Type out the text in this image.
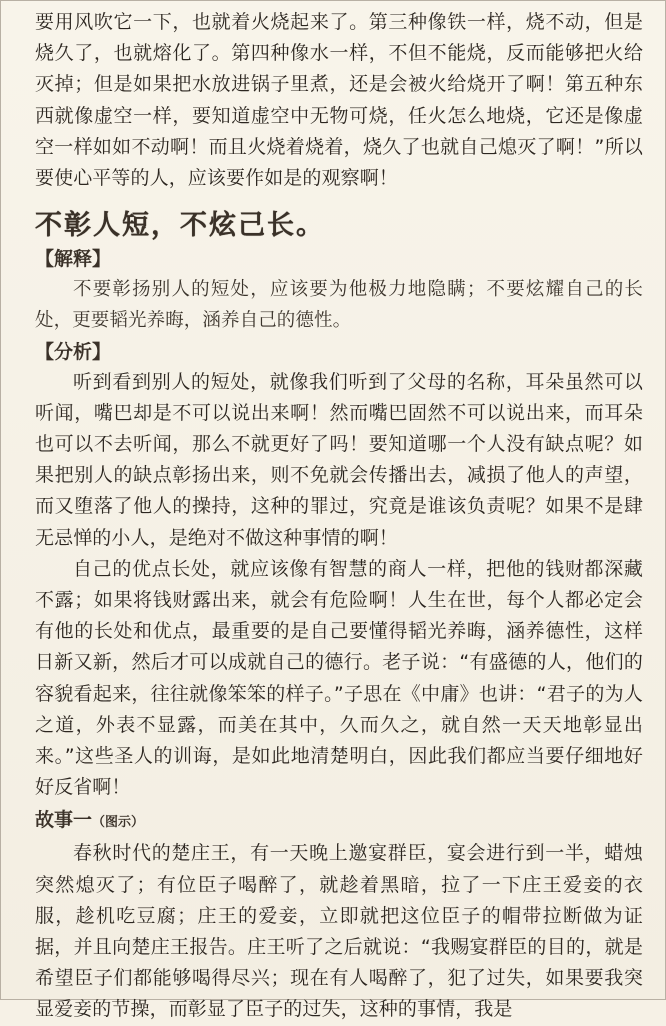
要用风吹它一下，也就着火烧起来了。第三种像铁一样，烧不动，但是烧久了，也就熔化了。第四种像水一样，不但不能烧，反而能够把火给灭掉；但是如果把水放进锅子里煮，还是会被火给烧开了啊！第五种东西就像虚空一样，要知道虚空中无物可烧，任火怎么地烧，它还是像虚空一样如如不动啊！而且火烧着烧着，烧久了也就自己熄灭了啊！”所以要使心平等的人，应该要作如是的观察啊！

不彰人短，不炫己长。

【解释】

不要彰扬别人的短处，应该要为他极力地隐瞒；不要炫耀自己的长处，更要韬光养晦，涵养自己的德性。

【分析】

听到看到别人的短处，就像我们听到了父母的名称，耳朵虽然可以听闻，嘴巴却是不可以说出来啊！然而嘴巴固然不可以说出来，而耳朵也可以不去听闻，那么不就更好了吗！要知道哪一个人没有缺点呢？如果把别人的缺点彰扬出来，则不免就会传播出去，减损了他人的声望，而又堕落了他人的操持，这种的罪过，究竟是谁该负责呢？如果不是肆无忌惮的小人，是绝对不做这种事情的啊！

自己的优点长处，就应该像有智慧的商人一样，把他的钱财都深藏不露；如果将钱财露出来，就会有危险啊！人生在世，每个人都必定会有他的长处和优点，最重要的是自己要懂得韬光养晦，涵养德性，这样日新又新，然后才可以成就自己的德行。老子说：“有盛德的人，他们的容貌看起来，往往就像笨笨的样子。”子思在《中庸》也讲：“君子的为人之道，外表不显露，而美在其中，久而久之，就自然一天天地彰显出来。”这些圣人的训诲，是如此地清楚明白，因此我们都应当要仔细地好好反省啊！

故事一（图示）

春秋时代的楚庄王，有一天晚上邀宴群臣，宴会进行到一半，蜡烛突然熄灭了；有位臣子喝醉了，就趁着黑暗，拉了一下庄王爱妾的衣服，趁机吃豆腐；庄王的爱妾，立即就把这位臣子的帽带拉断做为证据，并且向楚庄王报告。庄王听了之后就说：“我赐宴群臣的目的，就是希望臣子们都能够喝得尽兴；现在有人喝醉了，犯了过失，如果要我突显爱妾的节操，而彰显了臣子的过失，这种的事情，我是
